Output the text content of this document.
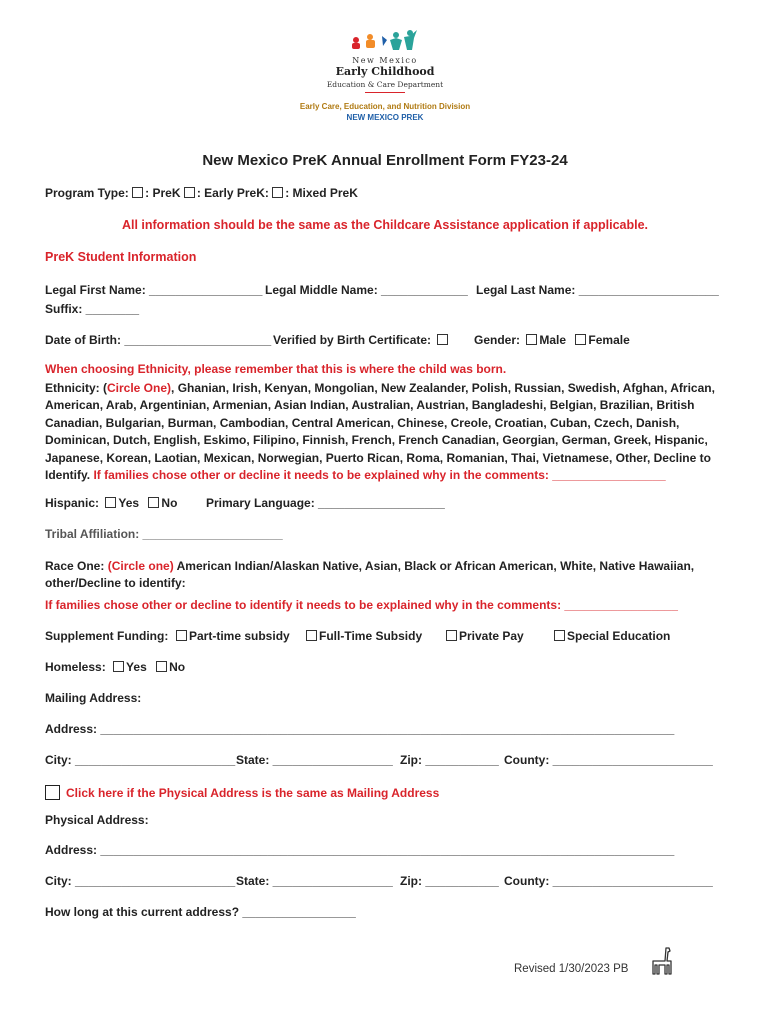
New Mexico
Early Childhood
Education & Care Department
Early Care, Education, and Nutrition Division
NEW MEXICO PREK
New Mexico PreK Annual Enrollment Form FY23-24
Program Type: : PreK : Early PreK: : Mixed PreK
All information should be the same as the Childcare Assistance application if applicable.
PreK Student Information
Legal First Name: _________________ Legal Middle Name: _____________ Legal Last Name: _____________________
Suffix: ________
Date of Birth: ______________________ Verified by Birth Certificate:	Gender: Male Female
When choosing Ethnicity, please remember that this is where the child was born.
Ethnicity: (Circle One), Ghanian, Irish, Kenyan, Mongolian, New Zealander, Polish, Russian, Swedish, Afghan, African, American, Arab, Argentinian, Armenian, Asian Indian, Australian, Austrian, Bangladeshi, Belgian, Brazilian, British Canadian, Bulgarian, Burman, Cambodian, Central American, Chinese, Creole, Croatian, Cuban, Czech, Danish, Dominican, Dutch, English, Eskimo, Filipino, Finnish, French, French Canadian, Georgian, German, Greek, Hispanic, Japanese, Korean, Laotian, Mexican, Norwegian, Puerto Rican, Roma, Romanian, Thai, Vietnamese, Other, Decline to Identify. If families chose other or decline it needs to be explained why in the comments: _________________
Hispanic: Yes No Primary Language: ___________________
Tribal Affiliation: _____________________
Race One: (Circle one) American Indian/Alaskan Native, Asian, Black or African American, White, Native Hawaiian, other/Decline to identify:
If families chose other or decline to identify it needs to be explained why in the comments: _________________
Supplement Funding:	Part-time subsidy	Full-Time Subsidy	Private Pay	Special Education
Homeless: Yes No
Mailing Address:
Address: ______________________________________________________________________________________
City: ________________________ State: __________________ Zip: ___________ County: ________________________
Click here if the Physical Address is the same as Mailing Address
Physical Address:
Address: ______________________________________________________________________________________
City: ________________________ State: __________________ Zip: ___________ County: ________________________
How long at this current address? _________________
Revised 1/30/2023 PB
